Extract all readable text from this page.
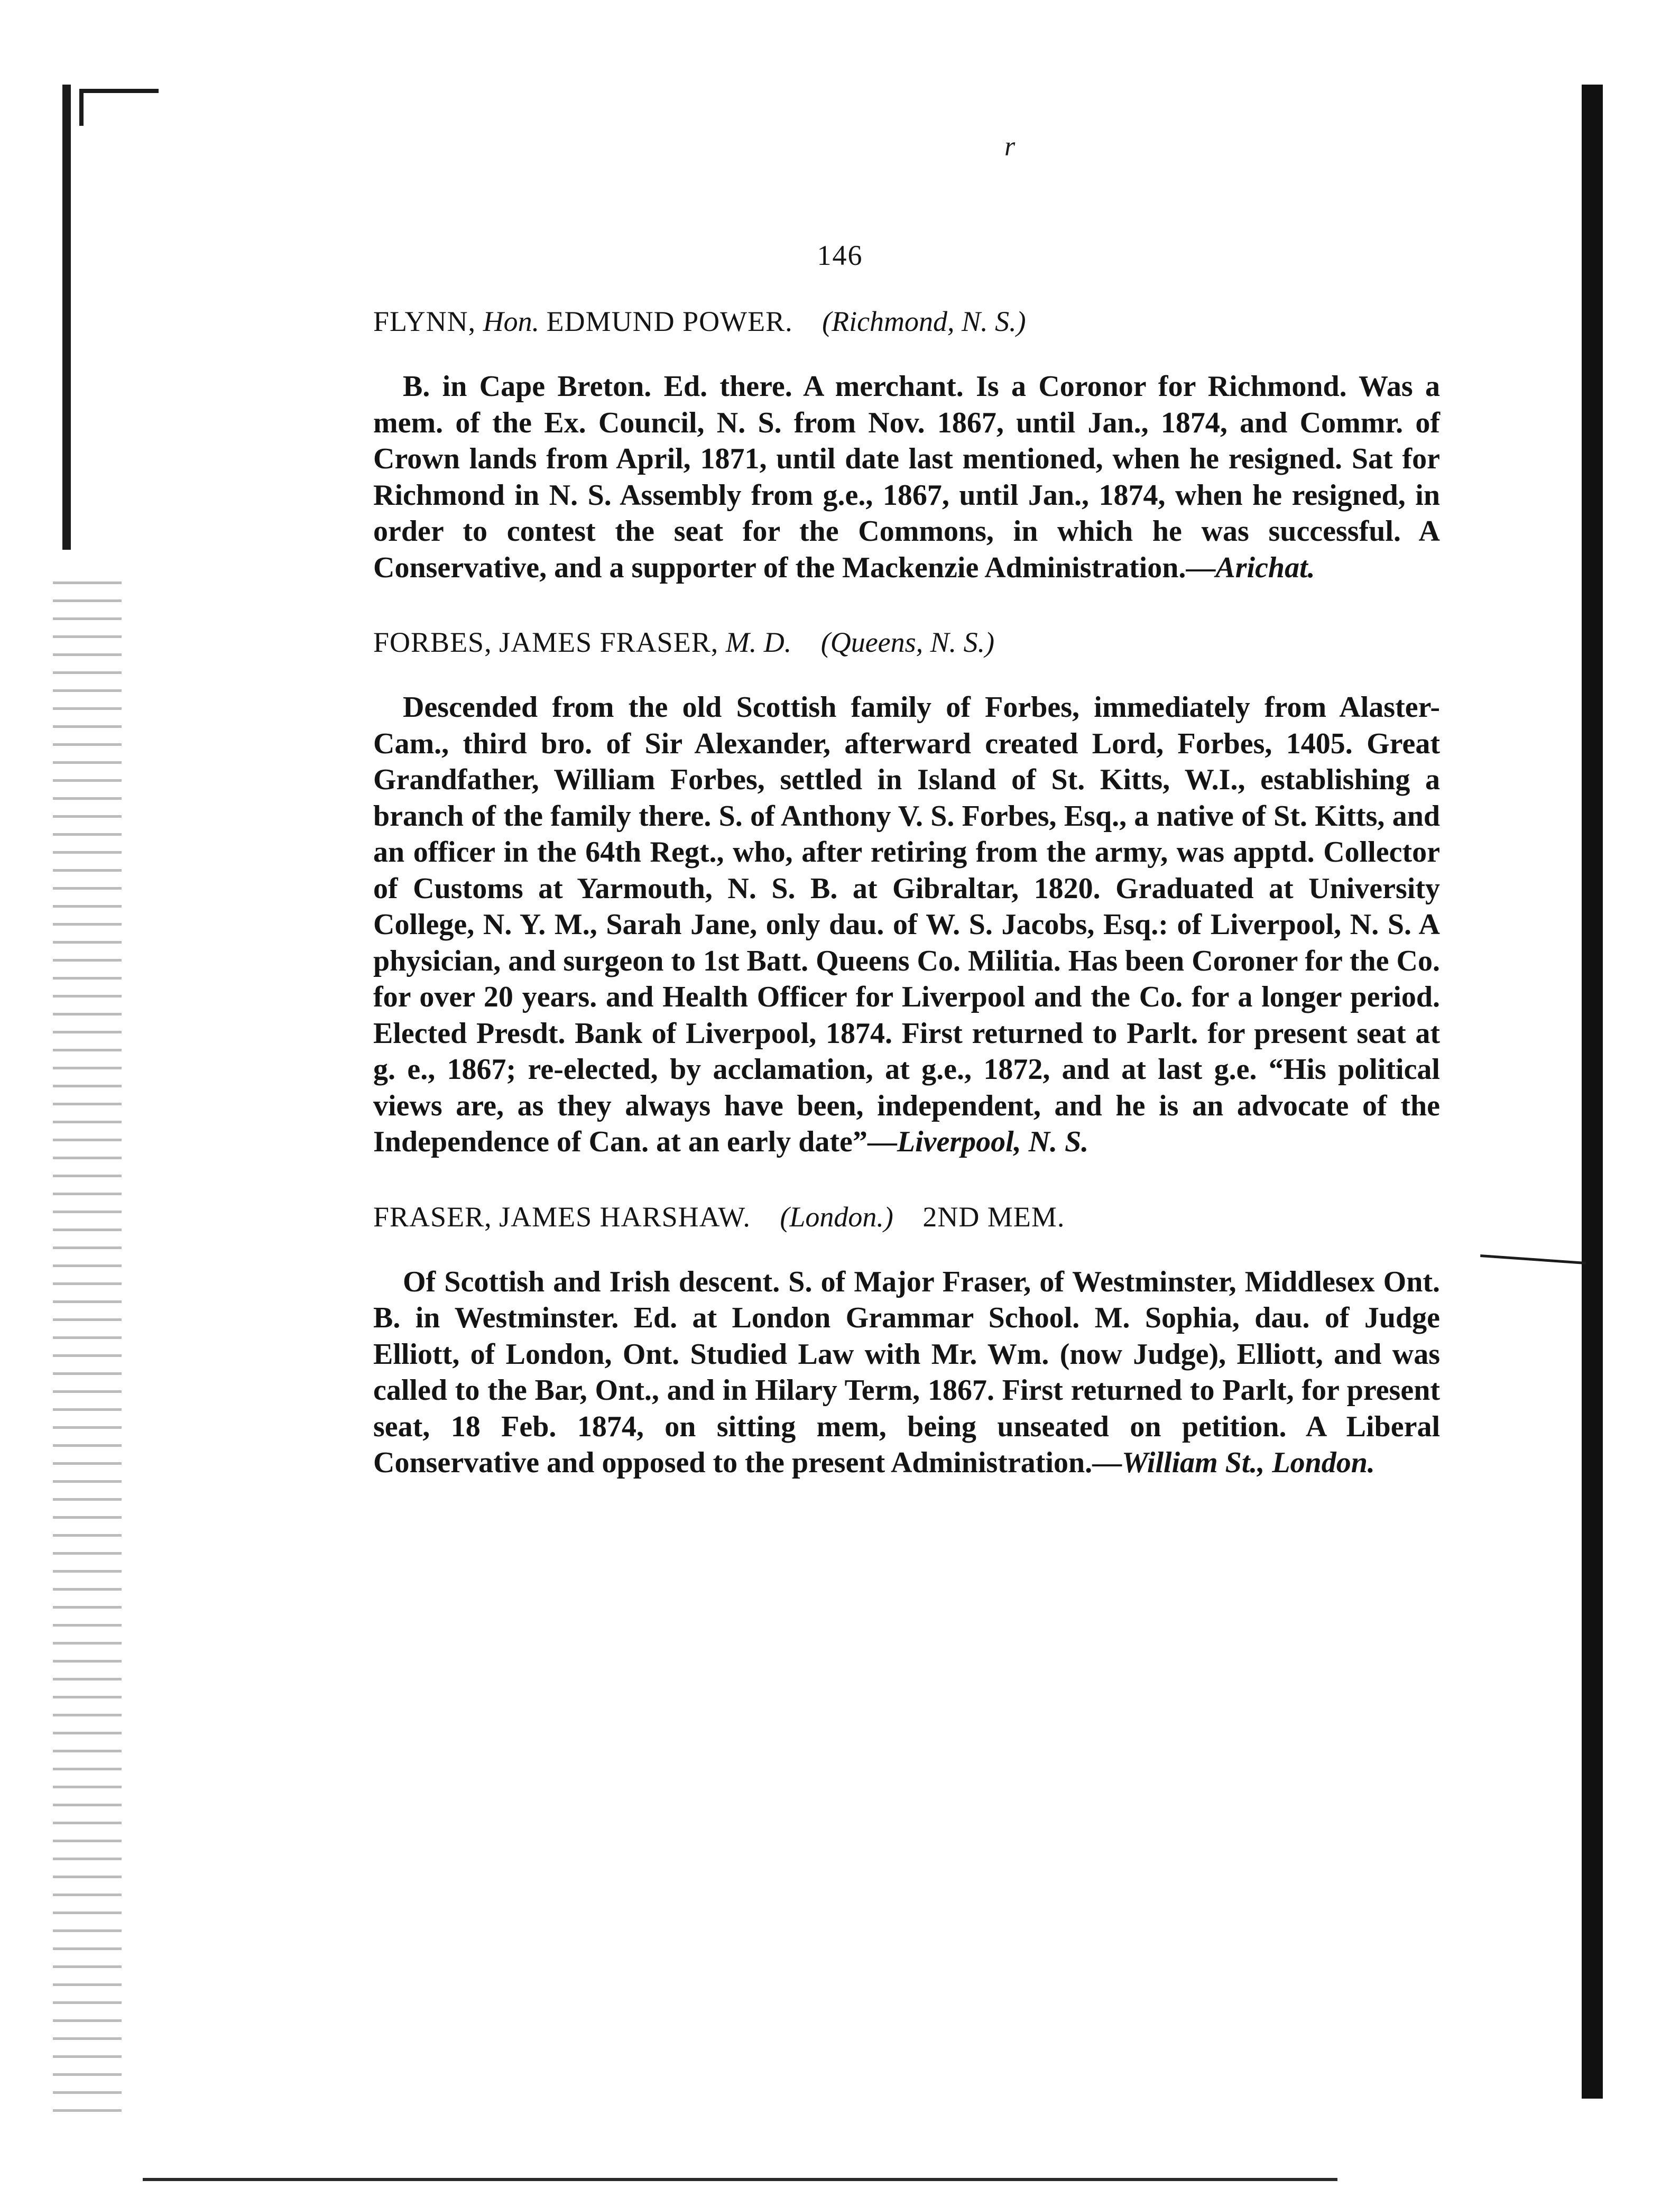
r
146

FLYNN, Hon. EDMUND POWER. (Richmond, N. S.)

B. in Cape Breton. Ed. there. A merchant. Is a Coronor for Richmond. Was a mem. of the Ex. Council, N. S. from Nov. 1867, until Jan., 1874, and Commr. of Crown lands from April, 1871, until date last mentioned, when he resigned. Sat for Richmond in N. S. Assembly from g.e., 1867, until Jan., 1874, when he resigned, in order to contest the seat for the Commons, in which he was successful. A Conservative, and a supporter of the Mackenzie Administration.—Arichat.

FORBES, JAMES FRASER, M. D. (Queens, N. S.)

Descended from the old Scottish family of Forbes, immediately from Alaster-Cam., third bro. of Sir Alexander, afterward created Lord, Forbes, 1405. Great Grandfather, William Forbes, settled in Island of St. Kitts, W.I., establishing a branch of the family there. S. of Anthony V. S. Forbes, Esq., a native of St. Kitts, and an officer in the 64th Regt., who, after retiring from the army, was apptd. Collector of Customs at Yarmouth, N. S. B. at Gibraltar, 1820. Graduated at University College, N. Y. M., Sarah Jane, only dau. of W. S. Jacobs, Esq.: of Liverpool, N. S. A physician, and surgeon to 1st Batt. Queens Co. Militia. Has been Coroner for the Co. for over 20 years. and Health Officer for Liverpool and the Co. for a longer period. Elected Presdt. Bank of Liverpool, 1874. First returned to Parlt. for present seat at g. e., 1867; re-elected, by acclamation, at g.e., 1872, and at last g.e. “His political views are, as they always have been, independent, and he is an advocate of the Independence of Can. at an early date”—Liverpool, N. S.

FRASER, JAMES HARSHAW. (London.) 2ND MEM.

Of Scottish and Irish descent. S. of Major Fraser, of Westminster, Middlesex Ont. B. in Westminster. Ed. at London Grammar School. M. Sophia, dau. of Judge Elliott, of London, Ont. Studied Law with Mr. Wm. (now Judge), Elliott, and was called to the Bar, Ont., and in Hilary Term, 1867. First returned to Parlt, for present seat, 18 Feb. 1874, on sitting mem, being unseated on petition. A Liberal Conservative and opposed to the present Administration.—William St., London.
